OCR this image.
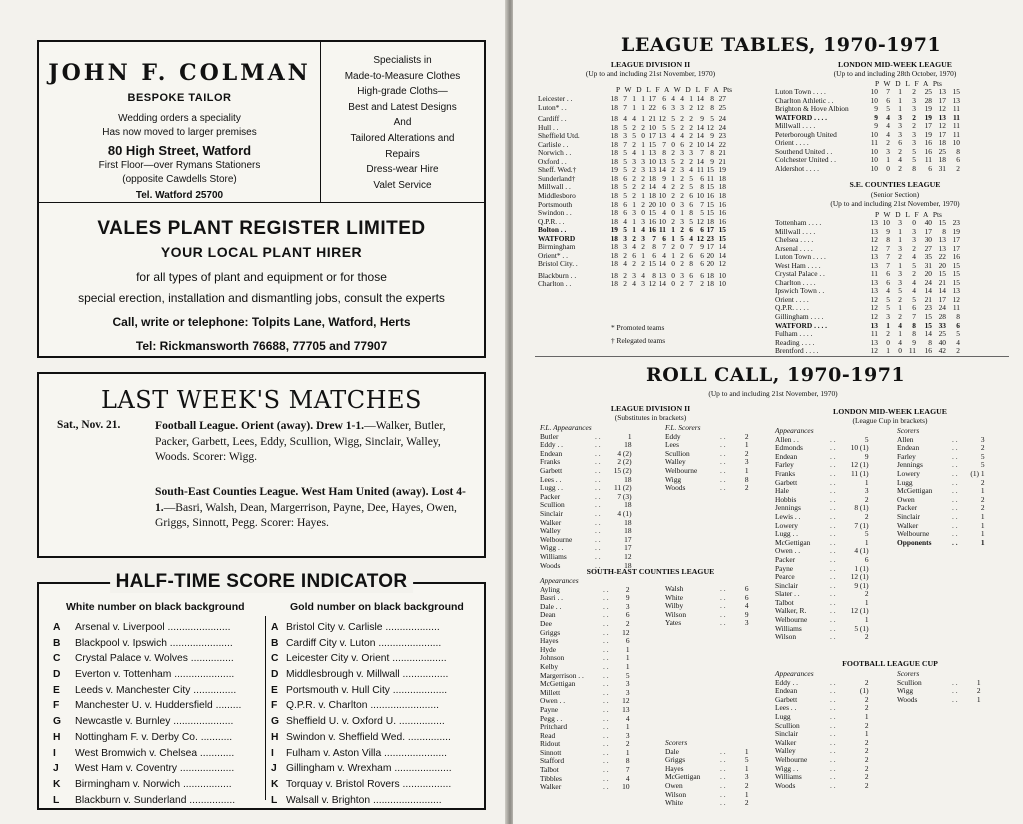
JOHN F. COLMAN
BESPOKE TAILOR
Wedding orders a speciality
Has now moved to larger premises
80 High Street, Watford
First Floor—over Rymans Stationers
(opposite Cawdells Store)
Tel. Watford 25700
Specialists in
Made-to-Measure Clothes
High-grade Cloths—
Best and Latest Designs
And
Tailored Alterations and
Repairs
Dress-wear Hire
Valet Service
VALES PLANT REGISTER LIMITED
YOUR LOCAL PLANT HIRER
for all types of plant and equipment or for those
special erection, installation and dismantling jobs, consult the experts
Call, write or telephone: Tolpits Lane, Watford, Herts
Tel: Rickmansworth 76688, 77705 and 77907
LAST WEEK'S MATCHES
Sat., Nov. 21.	Football League. Orient (away). Drew 1-1.—Walker, Butler, Packer, Garbett, Lees, Eddy, Scullion, Wigg, Sinclair, Walley, Woods. Scorer: Wigg.
South-East Counties League. West Ham United (away). Lost 4-1.—Basri, Walsh, Dean, Margerrison, Payne, Dee, Hayes, Owen, Griggs, Sinnott, Pegg. Scorer: Hayes.
HALF-TIME SCORE INDICATOR
White number on black background	Gold number on black background
A Arsenal v. Liverpool ......................
B Blackpool v. Ipswich ......................
C Crystal Palace v. Wolves ...............
D Everton v. Tottenham .....................
E Leeds v. Manchester City ...............
F Manchester U. v. Huddersfield .........
G Newcastle v. Burnley .....................
H Nottingham F. v. Derby Co. ...........
I West Bromwich v. Chelsea ............
J West Ham v. Coventry ...................
K Birmingham v. Norwich .................
L Blackburn v. Sunderland ................
A Bristol City v. Carlisle ...................
B Cardiff City v. Luton ......................
C Leicester City v. Orient ...................
D Middlesbrough v. Millwall ................
E Portsmouth v. Hull City ...................
F Q.P.R. v. Charlton ........................
G Sheffield U. v. Oxford U. ................
H Swindon v. Sheffield Wed. ...............
I Fulham v. Aston Villa ......................
J Gillingham v. Wrexham ....................
K Torquay v. Bristol Rovers .................
L Walsall v. Brighton ........................
LEAGUE TABLES, 1970-1971
LEAGUE DIVISION II
(Up to and including 21st November, 1970)
P W D L F A W D L F A Pts
Leicester . .	18	7	1	1	17	6	4	4	1	14	8	27
Luton* . .	18	7	1	1	22	6	3	3	2	12	8	25
Cardiff . .	18	4	4	1	21	12	5	2	2	9	5	24
Hull . .	18	5	2	2	10	5	5	2	2	14	12	24
Sheffield Utd.	18	3	5	0	17	13	4	4	2	14	9	23
Carlisle . .	18	7	2	1	15	7	0	6	2	10	14	22
Norwich . .	18	5	4	1	13	8	2	3	3	7	8	21
Oxford . .	18	5	3	3	10	13	5	2	2	14	9	21
Sheff. Wed.†	19	5	2	3	13	14	2	3	4	11	15	19
Sunderland†	18	6	2	2	18	9	1	2	5	6	11	18
Millwall . .	18	5	2	2	14	4	2	2	5	8	15	18
Middlesboro	18	5	2	1	18	10	2	2	6	10	16	18
Portsmouth	18	6	1	2	20	10	0	3	6	7	15	16
Swindon . .	18	6	3	0	15	4	0	1	8	5	15	16
Q.P.R. . .	18	4	1	3	16	10	2	3	5	12	18	16
Bolton . .	19	5	1	4	16	11	1	2	6	6	17	15
WATFORD	18	3	2	3	7	6	1	5	4	12	23	15
Birmingham	18	3	4	2	8	7	2	0	7	9	17	14
Orient* . .	18	2	6	1	6	4	1	2	6	6	20	14
Bristol City. .	18	4	2	2	15	14	0	2	8	6	20	12
Blackburn . .	18	2	3	4	8	13	0	3	6	6	18	10
Charlton . .	18	2	4	3	12	14	0	2	7	2	18	10
* Promoted teams
† Relegated teams
LONDON MID-WEEK LEAGUE
(Up to and including 28th October, 1970)
P W D L F A Pts
Luton Town . . . .	10	7	1	2	25	13	15
Charlton Athletic . .	10	6	1	3	28	17	13
Brighton & Hove Albion	9	5	1	3	19	12	11
WATFORD . . . .	9	4	3	2	19	13	11
Millwall . . . .	9	4	3	2	17	12	11
Peterborough United	10	4	3	3	19	17	11
Orient . . . .	11	2	6	3	16	18	10
Southend United . .	10	3	2	5	16	25	8
Colchester United . .	10	1	4	5	11	18	6
Aldershot . . . .	10	0	2	8	6	31	2
S.E. COUNTIES LEAGUE
(Senior Section)
(Up to and including 21st November, 1970)
P W D L F A Pts
Tottenham . . . .	13	10	3	0	40	15	23
Millwall . . . .	13	9	1	3	17	8	19
Chelsea . . . .	12	8	1	3	30	13	17
Arsenal . . . .	12	7	3	2	27	13	17
Luton Town . . . .	13	7	2	4	35	22	16
West Ham . . . .	13	7	1	5	31	20	15
Crystal Palace . .	11	6	3	2	20	15	15
Charlton . . . .	13	6	3	4	24	21	15
Ipswich Town . .	13	4	5	4	14	14	13
Orient . . . .	12	5	2	5	21	17	12
Q.P.R. . . . .	12	5	1	6	23	24	11
Gillingham . . . .	12	3	2	7	15	28	8
WATFORD . . . .	13	1	4	8	15	33	6
Fulham . . . .	11	2	1	8	14	25	5
Reading . . . .	13	0	4	9	8	40	4
Brentford . . . .	12	1	0	11	16	42	2
ROLL CALL, 1970-1971
(Up to and including 21st November, 1970)
LEAGUE DIVISION II
(Substitutes in brackets)
LONDON MID-WEEK LEAGUE
(League Cup in brackets)
F.L. Appearances		
Butler	. .	1
Eddy . .	. .	18
Endean	. .	4 (2)
Franks	. .	2 (2)
Garbett	. .	15 (2)
Lees . .	. .	18
Lugg . .	. .	11 (2)
Packer	. .	7 (3)
Scullion	. .	18
Sinclair	. .	4 (1)
Walker	. .	18
Walley	. .	18
Welbourne	. .	17
Wigg . .	. .	17
Williams	. .	12
Woods	. .	18
F.L. Scorers		
Eddy	. .	2
Lees	. .	1
Scullion	. .	2
Walley	. .	3
Welbourne	. .	1
Wigg	. .	8
Woods	. .	2
Appearances		
Allen . .	. .	5
Edmonds	. .	10 (1)
Endean	. .	9
Farley	. .	12 (1)
Franks	. .	11 (1)
Garbett	. .	1
Hale	. .	3
Hobbis	. .	2
Jennings	. .	8 (1)
Lewis . .	. .	2
Lowery	. .	7 (1)
Lugg . .	. .	5
McGettigan	. .	1
Owen . .	. .	4 (1)
Packer	. .	6
Payne	. .	1 (1)
Pearce	. .	12 (1)
Sinclair	. .	9 (1)
Slater . .	. .	2
Talbot	. .	1
Walker, R.	. .	12 (1)
Welbourne	. .	1
Williams	. .	5 (1)
Wilson	. .	2
Scorers		
Allen	. .	3
Endean	. .	2
Farley	. .	5
Jennings	. .	5
Lowery	. .	(1) 1
Lugg	. .	2
McGettigan	. .	1
Owen	. .	2
Packer	. .	2
Sinclair	. .	1
Walker	. .	1
Welbourne	. .	1
Opponents	. .	1
SOUTH-EAST COUNTIES LEAGUE
Appearances		
Ayling	. .	2
Basri . .	. .	9
Dale . .	. .	3
Dean	. .	6
Dee	. .	2
Griggs	. .	12
Hayes	. .	6
Hyde	. .	1
Johnson	. .	1
Kelby	. .	1
Margerrison . .	. .	5
McGettigan	. .	3
Millett	. .	3
Owen . .	. .	12
Payne	. .	13
Pegg . .	. .	4
Pritchard	. .	1
Read	. .	3
Ridout	. .	2
Sinnott	. .	1
Stafford	. .	8
Talbot	. .	7
Tibbles	. .	4
Walker	. .	10
Walsh	. .	6
White	. .	6
Wilby	. .	4
Wilson	. .	9
Yates	. .	3
Scorers		
Dale	. .	1
Griggs	. .	5
Hayes	. .	1
McGettigan	. .	3
Owen	. .	2
Wilson	. .	1
White	. .	2
FOOTBALL LEAGUE CUP
Appearances		
Eddy . .	. .	2
Endean	. .	(1)
Garbett	. .	2
Lees . .	. .	2
Lugg	. .	1
Scullion	. .	2
Sinclair	. .	1
Walker	. .	2
Walley	. .	2
Welbourne	. .	2
Wigg . .	. .	2
Williams	. .	2
Woods	. .	2
Scorers		
Scullion	. .	1
Wigg	. .	2
Woods	. .	1
